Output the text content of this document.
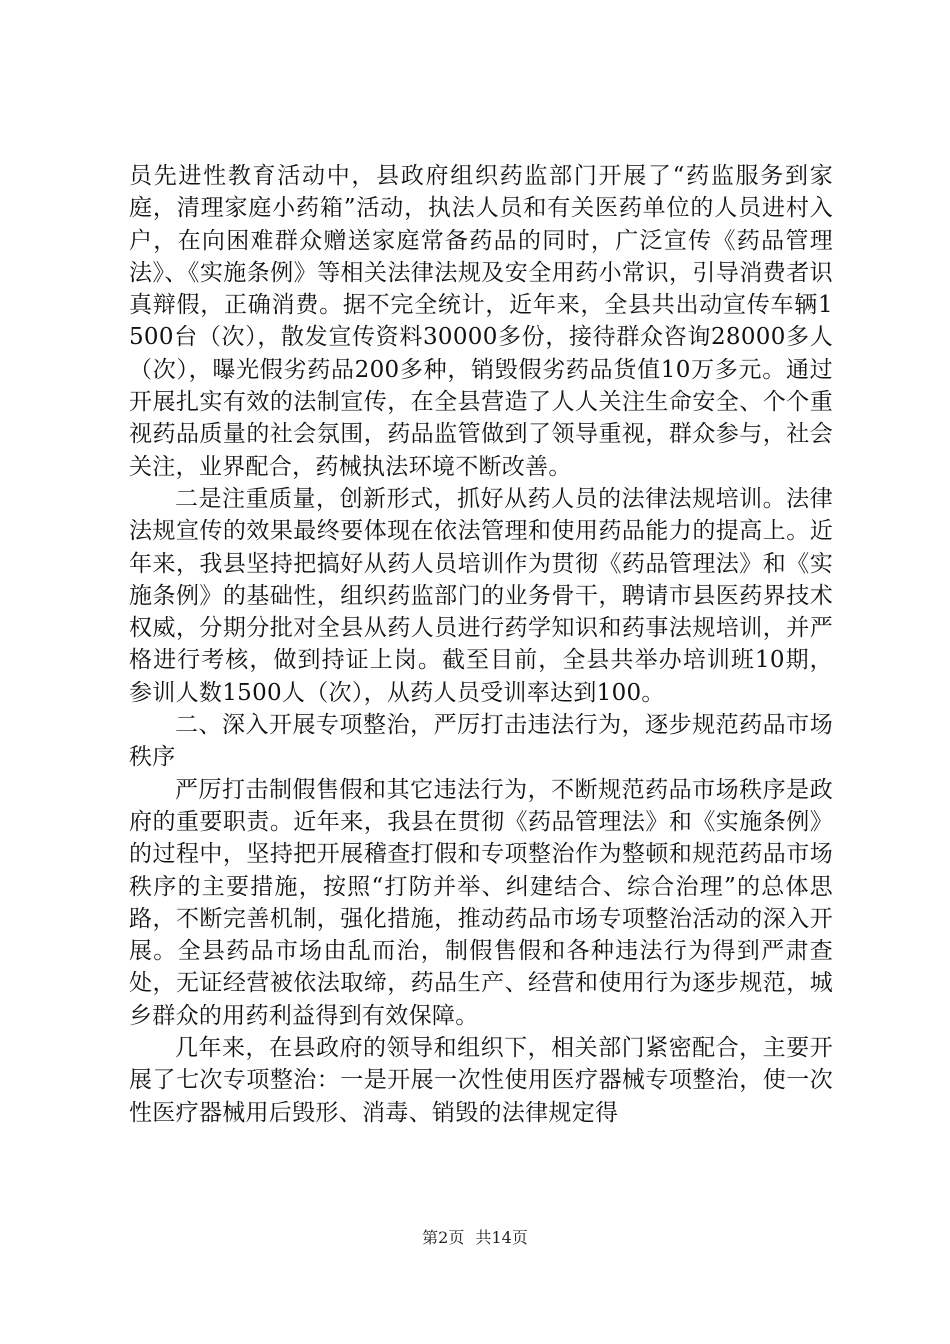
员先进性教育活动中，县政府组织药监部门开展了“药监服务到家庭，清理家庭小药箱”活动，执法人员和有关医药单位的人员进村入户，在向困难群众赠送家庭常备药品的同时，广泛宣传《药品管理法》、《实施条例》等相关法律法规及安全用药小常识，引导消费者识真辩假，正确消费。据不完全统计，近年来，全县共出动宣传车辆1500台（次），散发宣传资料30000多份，接待群众咨询28000多人（次），曝光假劣药品200多种，销毁假劣药品货值10万多元。通过开展扎实有效的法制宣传，在全县营造了人人关注生命安全、个个重视药品质量的社会氛围，药品监管做到了领导重视，群众参与，社会关注，业界配合，药械执法环境不断改善。

二是注重质量，创新形式，抓好从药人员的法律法规培训。法律法规宣传的效果最终要体现在依法管理和使用药品能力的提高上。近年来，我县坚持把搞好从药人员培训作为贯彻《药品管理法》和《实施条例》的基础性，组织药监部门的业务骨干，聘请市县医药界技术权威，分期分批对全县从药人员进行药学知识和药事法规培训，并严格进行考核，做到持证上岗。截至目前，全县共举办培训班10期，参训人数1500人（次），从药人员受训率达到100。

二、深入开展专项整治，严厉打击违法行为，逐步规范药品市场秩序

严厉打击制假售假和其它违法行为，不断规范药品市场秩序是政府的重要职责。近年来，我县在贯彻《药品管理法》和《实施条例》的过程中，坚持把开展稽查打假和专项整治作为整顿和规范药品市场秩序的主要措施，按照“打防并举、纠建结合、综合治理”的总体思路，不断完善机制，强化措施，推动药品市场专项整治活动的深入开展。全县药品市场由乱而治，制假售假和各种违法行为得到严肃查处，无证经营被依法取缔，药品生产、经营和使用行为逐步规范，城乡群众的用药利益得到有效保障。

几年来，在县政府的领导和组织下，相关部门紧密配合，主要开展了七次专项整治：一是开展一次性使用医疗器械专项整治，使一次性医疗器械用后毁形、消毒、销毁的法律规定得

第2页 共14页
